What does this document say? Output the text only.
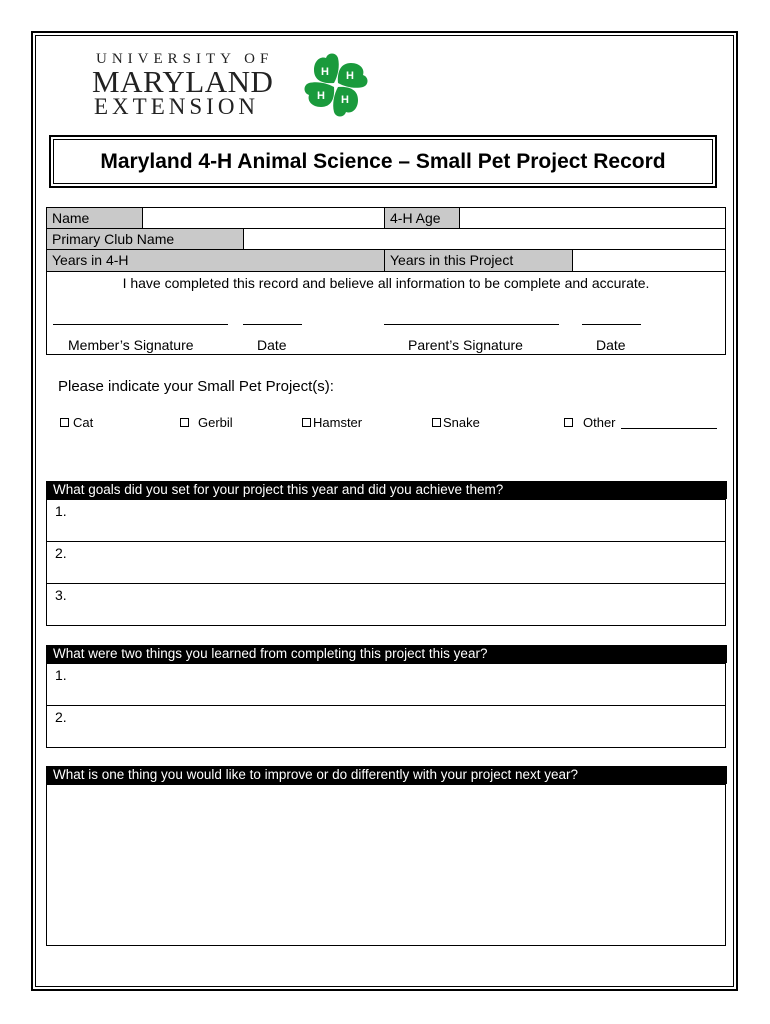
UNIVERSITY OF
MARYLAND
EXTENSION
H H
H
H
Maryland 4-H Animal Science – Small Pet Project Record
Name	4-H Age
Primary Club Name
Years in 4-H	Years in this Project
I have completed this record and believe all information to be complete and accurate.
Member’s Signature	Date	Parent’s Signature	Date
Please indicate your Small Pet Project(s):
Cat	Gerbil	Hamster	Snake	Other
What goals did you set for your project this year and did you achieve them?
1.
2.
3.
What were two things you learned from completing this project this year?
1.
2.
What is one thing you would like to improve or do differently with your project next year?
